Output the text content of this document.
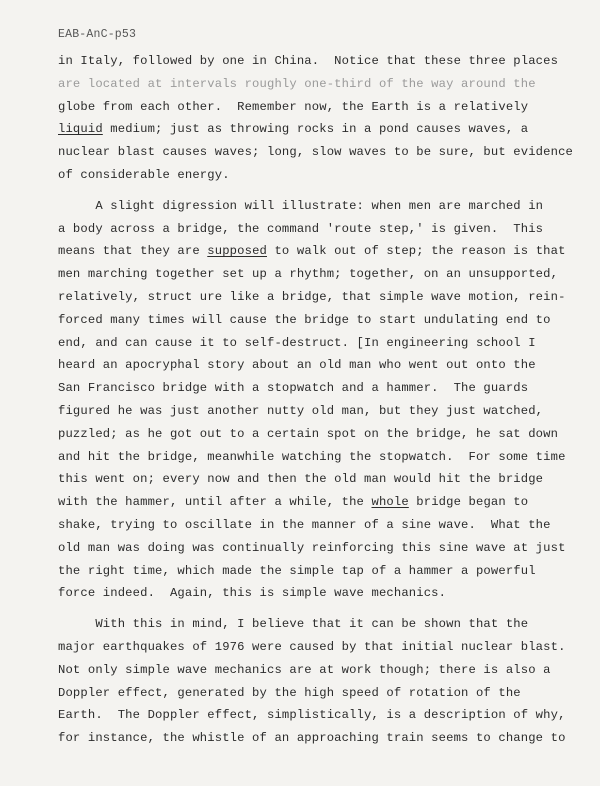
EAB-AnC-p53
in Italy, followed by one in China.  Notice that these three places
are located at intervals roughly one-third of the way around the
globe from each other.  Remember now, the Earth is a relatively
liquid medium; just as throwing rocks in a pond causes waves, a
nuclear blast causes waves; long, slow waves to be sure, but evidence
of considerable energy.
A slight digression will illustrate: when men are marched in
a body across a bridge, the command 'route step,' is given.  This
means that they are supposed to walk out of step; the reason is that
men marching together set up a rhythm; together, on an unsupported,
relatively, struct ure like a bridge, that simple wave motion, rein-
forced many times will cause the bridge to start undulating end to
end, and can cause it to self-destruct. [In engineering school I
heard an apocryphal story about an old man who went out onto the
San Francisco bridge with a stopwatch and a hammer.  The guards
figured he was just another nutty old man, but they just watched,
puzzled; as he got out to a certain spot on the bridge, he sat down
and hit the bridge, meanwhile watching the stopwatch.  For some time
this went on; every now and then the old man would hit the bridge
with the hammer, until after a while, the whole bridge began to
shake, trying to oscillate in the manner of a sine wave.  What the
old man was doing was continually reinforcing this sine wave at just
the right time, which made the simple tap of a hammer a powerful
force indeed.  Again, this is simple wave mechanics.
With this in mind, I believe that it can be shown that the
major earthquakes of 1976 were caused by that initial nuclear blast.
Not only simple wave mechanics are at work though; there is also a
Doppler effect, generated by the high speed of rotation of the
Earth.  The Doppler effect, simplistically, is a description of why,
for instance, the whistle of an approaching train seems to change to
